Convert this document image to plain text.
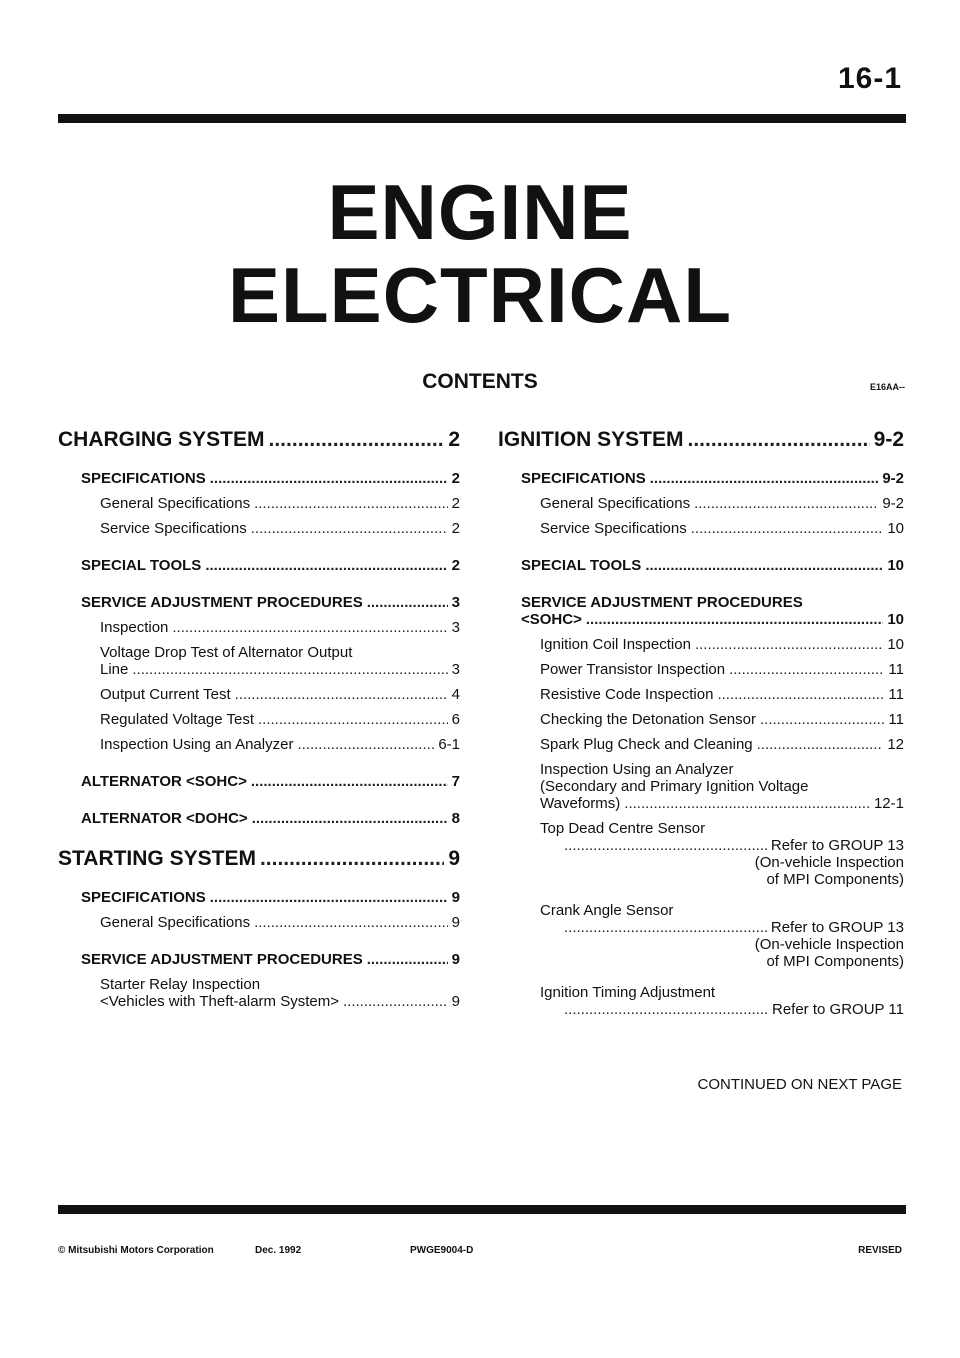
16-1
ENGINE
ELECTRICAL
CONTENTS	E16AA--
CHARGING SYSTEM .....	2
SPECIFICATIONS .....	2
General Specifications .....	2
Service Specifications .....	2
SPECIAL TOOLS .....	2
SERVICE ADJUSTMENT PROCEDURES .....	3
Inspection .....	3
Voltage Drop Test of Alternator Output
Line .....	3
Output Current Test .....	4
Regulated Voltage Test .....	6
Inspection Using an Analyzer .....	6-1
ALTERNATOR <SOHC> .....	7
ALTERNATOR <DOHC> .....	8
STARTING SYSTEM .....	9
SPECIFICATIONS .....	9
General Specifications .....	9
SERVICE ADJUSTMENT PROCEDURES .....	9
Starter Relay Inspection
<Vehicles with Theft-alarm System> .....	9
IGNITION SYSTEM .....	9-2
SPECIFICATIONS .....	9-2
General Specifications .....	9-2
Service Specifications .....	10
SPECIAL TOOLS .....	10
SERVICE ADJUSTMENT PROCEDURES
<SOHC> .....	10
Ignition Coil Inspection .....	10
Power Transistor Inspection .....	11
Resistive Code Inspection .....	11
Checking the Detonation Sensor .....	11
Spark Plug Check and Cleaning .....	12
Inspection Using an Analyzer
(Secondary and Primary Ignition Voltage
Waveforms) .....	12-1
Top Dead Centre Sensor
.....
Refer to GROUP 13
(On-vehicle Inspection
of MPI Components)
Crank Angle Sensor
.....
Refer to GROUP 13
(On-vehicle Inspection
of MPI Components)
Ignition Timing Adjustment
.....
Refer to GROUP 11
CONTINUED ON NEXT PAGE
© Mitsubishi Motors Corporation	Dec. 1992	PWGE9004-D	REVISED
